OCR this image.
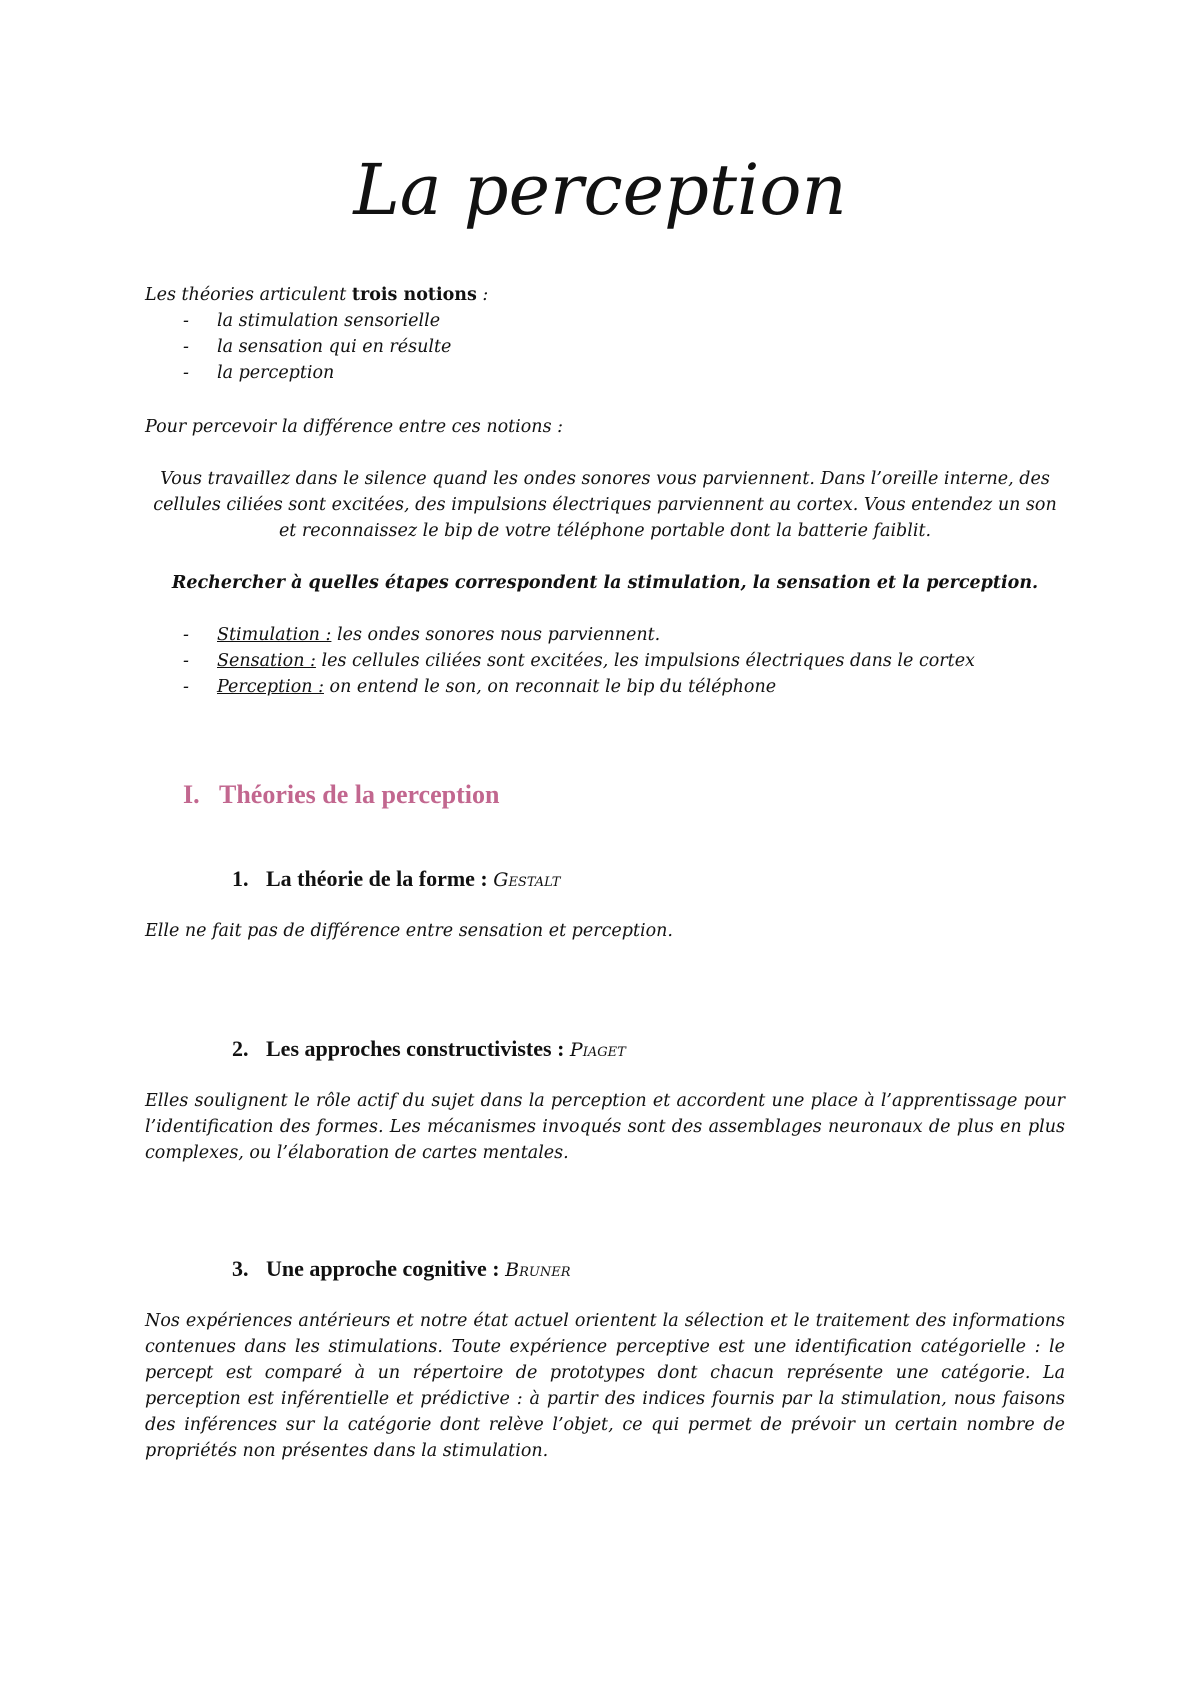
La perception
Les théories articulent trois notions :
- la stimulation sensorielle
- la sensation qui en résulte
- la perception
Pour percevoir la différence entre ces notions :
Vous travaillez dans le silence quand les ondes sonores vous parviennent. Dans l’oreille interne, des
cellules ciliées sont excitées, des impulsions électriques parviennent au cortex. Vous entendez un son
et reconnaissez le bip de votre téléphone portable dont la batterie faiblit.
Rechercher à quelles étapes correspondent la stimulation, la sensation et la perception.
- Stimulation : les ondes sonores nous parviennent.
- Sensation : les cellules ciliées sont excitées, les impulsions électriques dans le cortex
- Perception : on entend le son, on reconnait le bip du téléphone
I. Théories de la perception
1. La théorie de la forme : Gestalt
Elle ne fait pas de différence entre sensation et perception.
2. Les approches constructivistes : Piaget
Elles soulignent le rôle actif du sujet dans la perception et accordent une place à l’apprentissage pour l’identification des formes. Les mécanismes invoqués sont des assemblages neuronaux de plus en plus complexes, ou l’élaboration de cartes mentales.
3. Une approche cognitive : Bruner
Nos expériences antérieurs et notre état actuel orientent la sélection et le traitement des informations contenues dans les stimulations. Toute expérience perceptive est une identification catégorielle : le percept est comparé à un répertoire de prototypes dont chacun représente une catégorie. La perception est inférentielle et prédictive : à partir des indices fournis par la stimulation, nous faisons des inférences sur la catégorie dont relève l’objet, ce qui permet de prévoir un certain nombre de propriétés non présentes dans la stimulation.
